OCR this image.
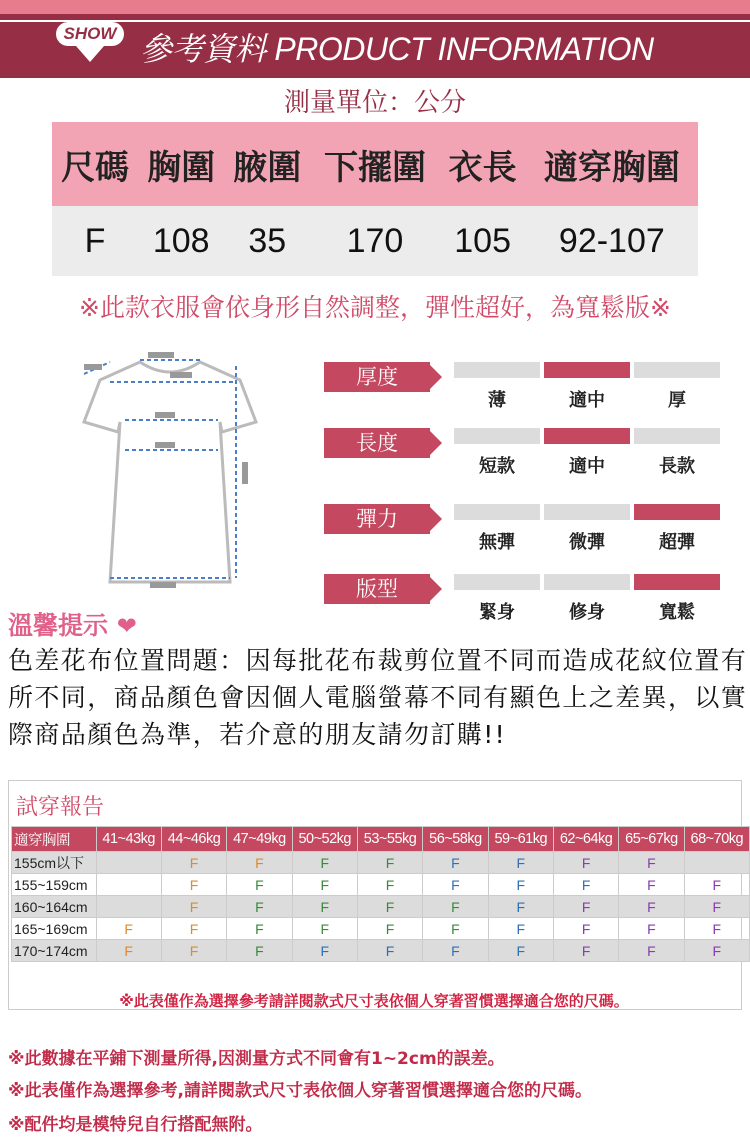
SHOW 參考資料 PRODUCT INFORMATION
測量單位：公分
尺碼	胸圍	腋圍	下擺圍	衣長	適穿胸圍
F	108	35	170	105	92-107
※此款衣服會依身形自然調整，彈性超好，為寬鬆版※
厚度
薄	適中	厚
長度
短款	適中	長款
彈力
無彈	微彈	超彈
版型
緊身	修身	寬鬆
溫馨提示 ❤
色差花布位置問題：因每批花布裁剪位置不同而造成花紋位置有所不同，商品顏色會因個人電腦螢幕不同有顯色上之差異，以實際商品顏色為準，若介意的朋友請勿訂購!!
試穿報告
適穿胸圍	41~43kg	44~46kg	47~49kg	50~52kg	53~55kg	56~58kg	59~61kg	62~64kg	65~67kg	68~70kg
155cm以下		F	F	F	F	F	F	F	F	
155~159cm		F	F	F	F	F	F	F	F	F
160~164cm		F	F	F	F	F	F	F	F	F
165~169cm	F	F	F	F	F	F	F	F	F	F
170~174cm	F	F	F	F	F	F	F	F	F	F
※此表僅作為選擇參考請詳閱款式尺寸表依個人穿著習慣選擇適合您的尺碼。
※此數據在平鋪下測量所得,因測量方式不同會有1~2cm的誤差。
※此表僅作為選擇參考,請詳閱款式尺寸表依個人穿著習慣選擇適合您的尺碼。
※配件均是模特兒自行搭配無附。
